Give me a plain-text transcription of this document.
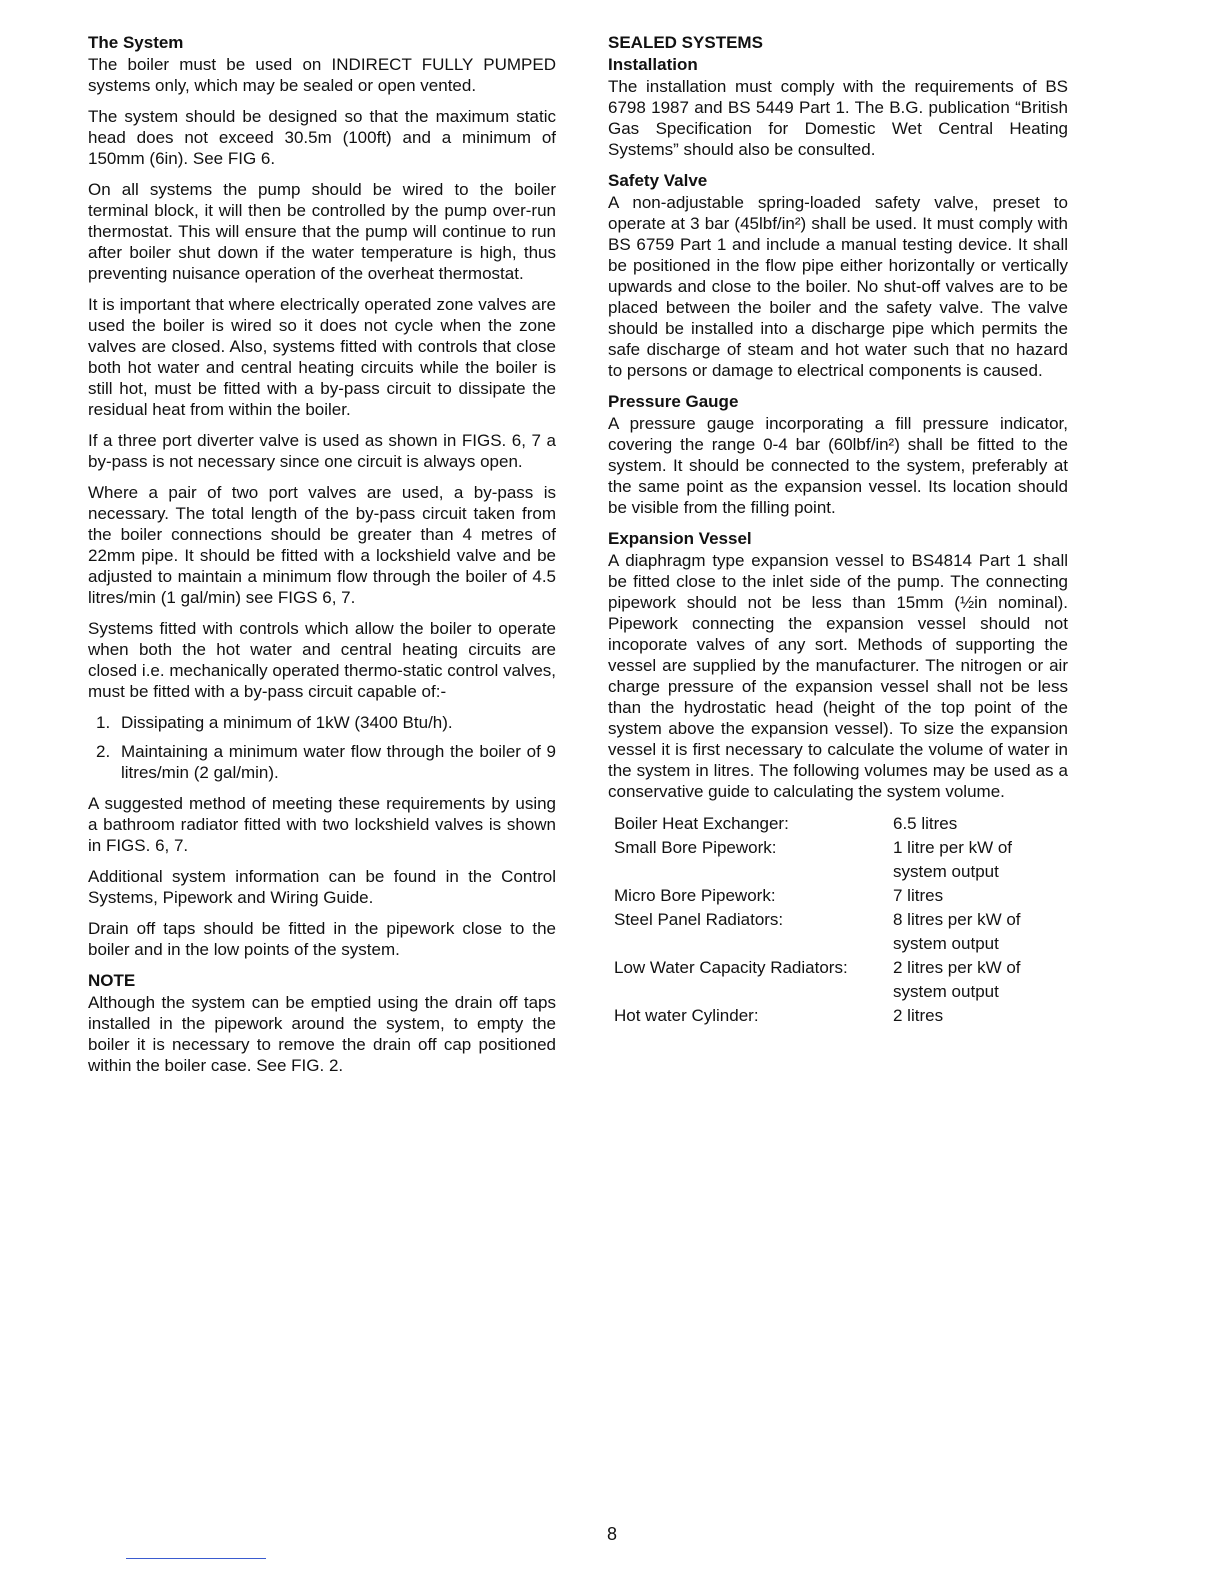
The System

The boiler must be used on INDIRECT FULLY PUMPED systems only, which may be sealed or open vented.

The system should be designed so that the maximum static head does not exceed 30.5m (100ft) and a minimum of 150mm (6in). See FIG 6.

On all systems the pump should be wired to the boiler terminal block, it will then be controlled by the pump over-run thermostat. This will ensure that the pump will continue to run after boiler shut down if the water temperature is high, thus preventing nuisance operation of the overheat thermostat.

It is important that where electrically operated zone valves are used the boiler is wired so it does not cycle when the zone valves are closed. Also, systems fitted with controls that close both hot water and central heating circuits while the boiler is still hot, must be fitted with a by-pass circuit to dissipate the residual heat from within the boiler.

If a three port diverter valve is used as shown in FIGS. 6, 7 a by-pass is not necessary since one circuit is always open.

Where a pair of two port valves are used, a by-pass is necessary. The total length of the by-pass circuit taken from the boiler connections should be greater than 4 metres of 22mm pipe. It should be fitted with a lockshield valve and be adjusted to maintain a minimum flow through the boiler of 4.5 litres/min (1 gal/min) see FIGS 6, 7.

Systems fitted with controls which allow the boiler to operate when both the hot water and central heating circuits are closed i.e. mechanically operated thermo-static control valves, must be fitted with a by-pass circuit capable of:-

1. Dissipating a minimum of 1kW (3400 Btu/h).
2. Maintaining a minimum water flow through the boiler of 9 litres/min (2 gal/min).

A suggested method of meeting these requirements by using a bathroom radiator fitted with two lockshield valves is shown in FIGS. 6, 7.

Additional system information can be found in the Control Systems, Pipework and Wiring Guide.

Drain off taps should be fitted in the pipework close to the boiler and in the low points of the system.

NOTE

Although the system can be emptied using the drain off taps installed in the pipework around the system, to empty the boiler it is necessary to remove the drain off cap positioned within the boiler case. See FIG. 2.

SEALED SYSTEMS
Installation

The installation must comply with the requirements of BS 6798 1987 and BS 5449 Part 1. The B.G. publication “British Gas Specification for Domestic Wet Central Heating Systems” should also be consulted.

Safety Valve

A non-adjustable spring-loaded safety valve, preset to operate at 3 bar (45lbf/in²) shall be used. It must comply with BS 6759 Part 1 and include a manual testing device. It shall be positioned in the flow pipe either horizontally or vertically upwards and close to the boiler. No shut-off valves are to be placed between the boiler and the safety valve. The valve should be installed into a discharge pipe which permits the safe discharge of steam and hot water such that no hazard to persons or damage to electrical components is caused.

Pressure Gauge

A pressure gauge incorporating a fill pressure indicator, covering the range 0-4 bar (60lbf/in²) shall be fitted to the system. It should be connected to the system, preferably at the same point as the expansion vessel. Its location should be visible from the filling point.

Expansion Vessel

A diaphragm type expansion vessel to BS4814 Part 1 shall be fitted close to the inlet side of the pump. The connecting pipework should not be less than 15mm (½in nominal). Pipework connecting the expansion vessel should not incoporate valves of any sort. Methods of supporting the vessel are supplied by the manufacturer. The nitrogen or air charge pressure of the expansion vessel shall not be less than the hydrostatic head (height of the top point of the system above the expansion vessel). To size the expansion vessel it is first necessary to calculate the volume of water in the system in litres. The following volumes may be used as a conservative guide to calculating the system volume.

Boiler Heat Exchanger:	6.5 litres
Small Bore Pipework:	1 litre per kW of system output
Micro Bore Pipework:	7 litres
Steel Panel Radiators:	8 litres per kW of system output
Low Water Capacity Radiators:	2 litres per kW of system output
Hot water Cylinder:	2 litres
8
